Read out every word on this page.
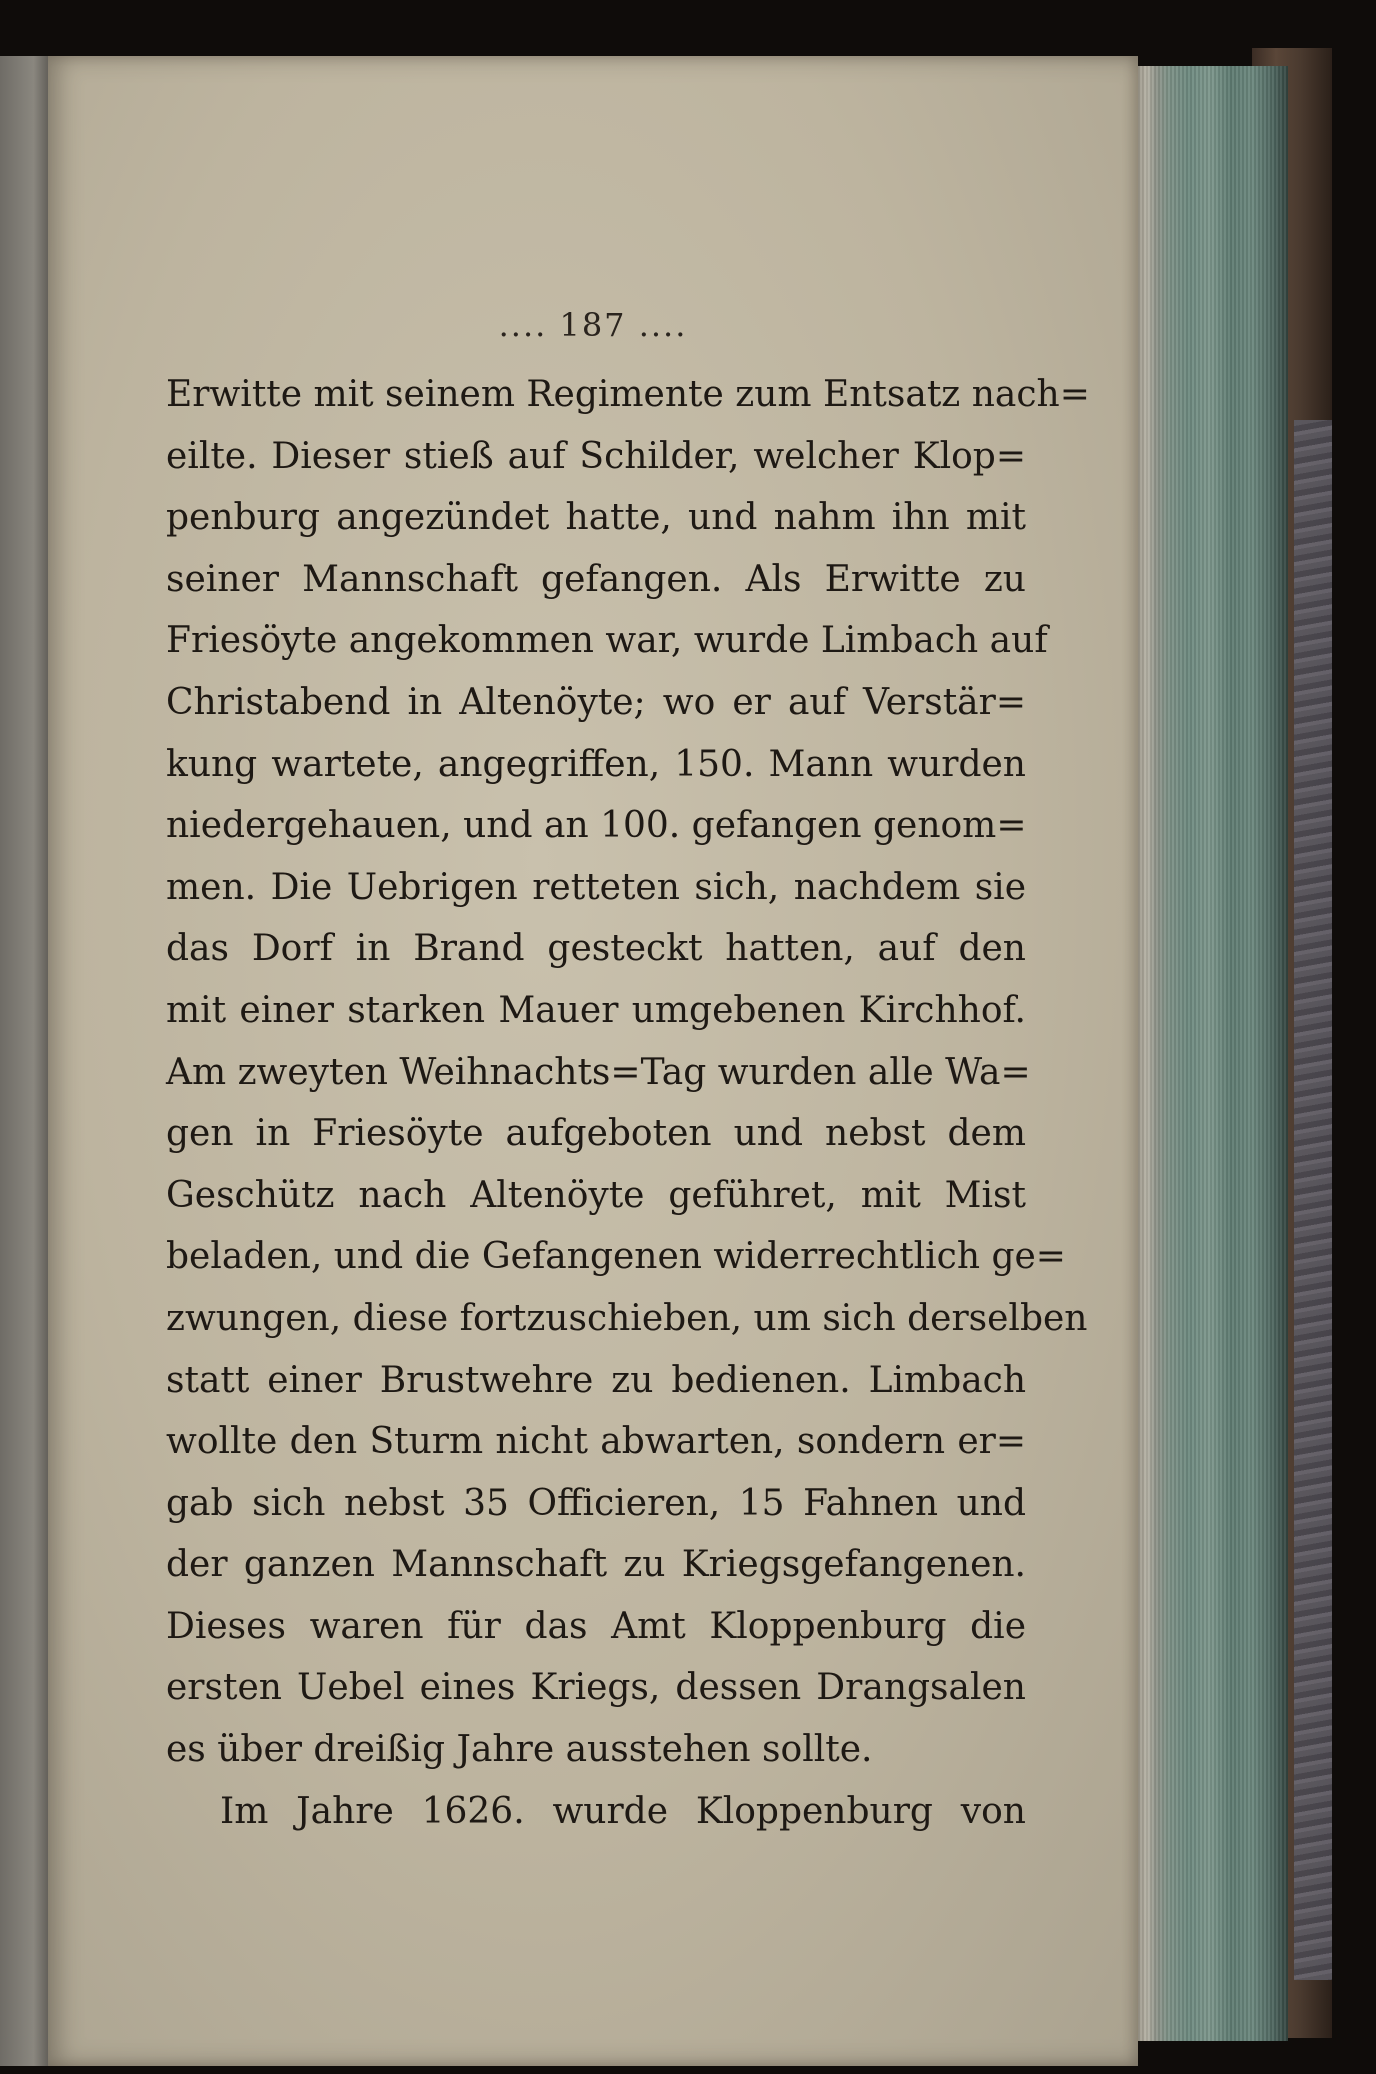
.... 187 ....
Erwitte mit seinem Regimente zum Entsatz nach=
eilte. Dieser stieß auf Schilder, welcher Klop=
penburg angezündet hatte, und nahm ihn mit
seiner Mannschaft gefangen. Als Erwitte zu
Friesöyte angekommen war, wurde Limbach auf
Christabend in Altenöyte; wo er auf Verstär=
kung wartete, angegriffen, 150. Mann wurden
niedergehauen, und an 100. gefangen genom=
men. Die Uebrigen retteten sich, nachdem sie
das Dorf in Brand gesteckt hatten, auf den
mit einer starken Mauer umgebenen Kirchhof.
Am zweyten Weihnachts=Tag wurden alle Wa=
gen in Friesöyte aufgeboten und nebst dem
Geschütz nach Altenöyte geführet, mit Mist
beladen, und die Gefangenen widerrechtlich ge=
zwungen, diese fortzuschieben, um sich derselben
statt einer Brustwehre zu bedienen. Limbach
wollte den Sturm nicht abwarten, sondern er=
gab sich nebst 35 Officieren, 15 Fahnen und
der ganzen Mannschaft zu Kriegsgefangenen.
Dieses waren für das Amt Kloppenburg die
ersten Uebel eines Kriegs, dessen Drangsalen
es über dreißig Jahre ausstehen sollte.
Im Jahre 1626. wurde Kloppenburg von
